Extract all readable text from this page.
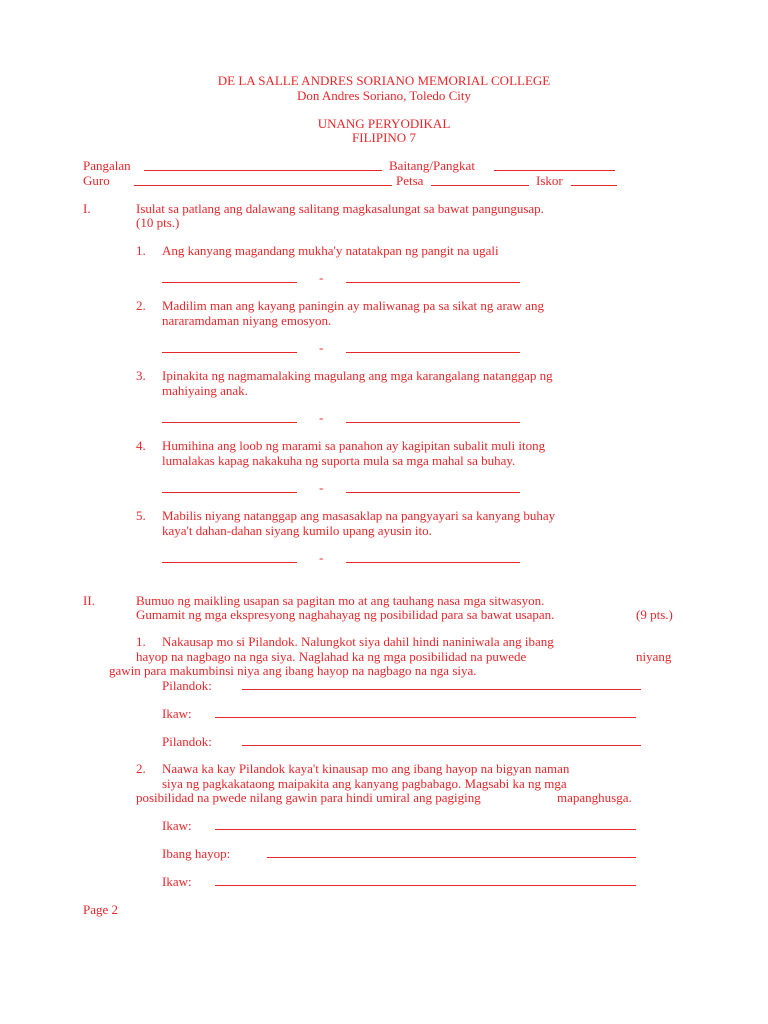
DE LA SALLE ANDRES SORIANO MEMORIAL COLLEGE
Don Andres Soriano, Toledo City
UNANG PERYODIKAL
FILIPINO 7
Pangalan	Baitang/Pangkat
Guro	Petsa	Iskor
I.	Isulat sa patlang ang dalawang salitang magkasalungat sa bawat pangungusap.
(10 pts.)
1. Ang kanyang magandang mukha'y natatakpan ng pangit na ugali
-
2. Madilim man ang kayang paningin ay maliwanag pa sa sikat ng araw ang
nararamdaman niyang emosyon.
-
3. Ipinakita ng nagmamalaking magulang ang mga karangalang natanggap ng
mahiyaing anak.
-
4. Humihina ang loob ng marami sa panahon ay kagipitan subalit muli itong
lumalakas kapag nakakuha ng suporta mula sa mga mahal sa buhay.
-
5. Mabilis niyang natanggap ang masasaklap na pangyayari sa kanyang buhay
kaya't dahan-dahan siyang kumilo upang ayusin ito.
-
II.	Bumuo ng maikling usapan sa pagitan mo at ang tauhang nasa mga sitwasyon.
Gumamit ng mga ekspresyong naghahayag ng posibilidad para sa bawat usapan.	(9 pts.)
1. Nakausap mo si Pilandok. Nalungkot siya dahil hindi naniniwala ang ibang
hayop na nagbago na nga siya. Naglahad ka ng mga posibilidad na puwede	niyang
gawin para makumbinsi niya ang ibang hayop na nagbago na nga siya.
Pilandok:
Ikaw:
Pilandok:
2. Naawa ka kay Pilandok kaya't kinausap mo ang ibang hayop na bigyan naman
siya ng pagkakataong maipakita ang kanyang pagbabago. Magsabi ka ng mga
posibilidad na pwede nilang gawin para hindi umiral ang pagiging	mapanghusga.
Ikaw:
Ibang hayop:
Ikaw:
Page 2
